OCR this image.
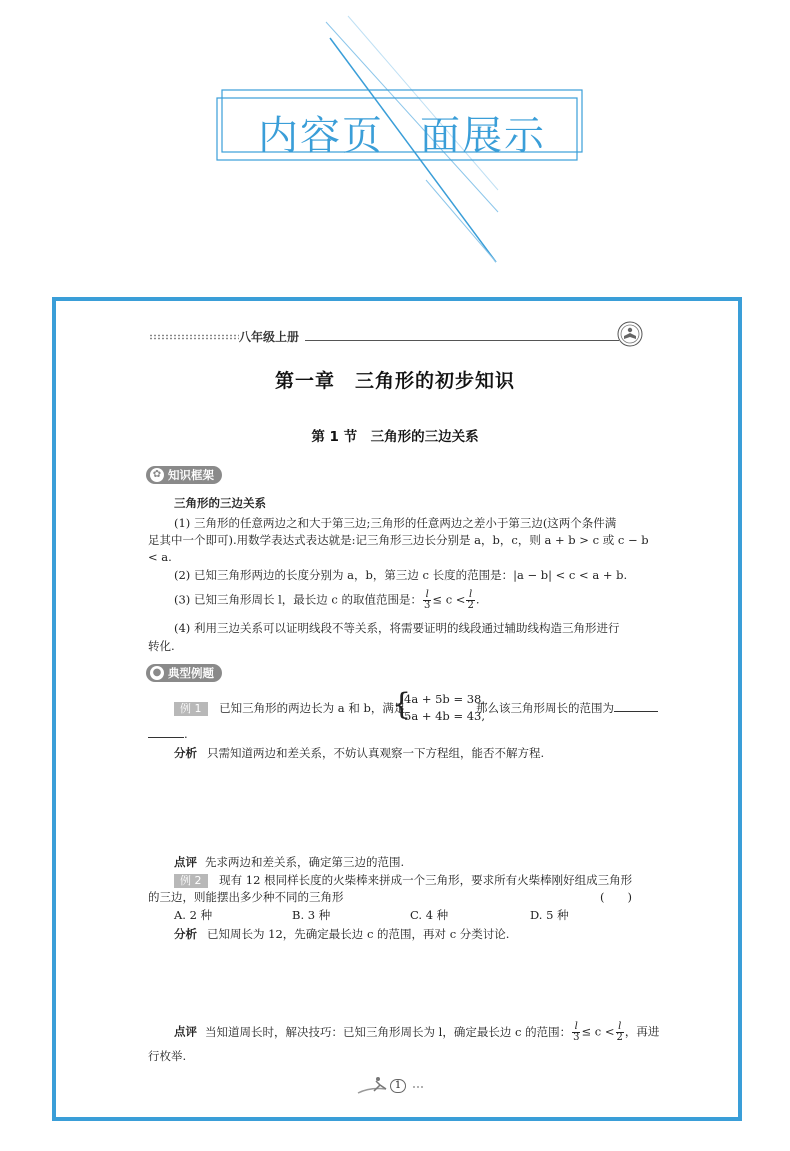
内容页 面展示
八年级上册
第一章　三角形的初步知识
第 1 节　三角形的三边关系
✿ 知识框架
三角形的三边关系
(1) 三角形的任意两边之和大于第三边;三角形的任意两边之差小于第三边(这两个条件满
足其中一个即可).用数学表达式表达就是:记三角形三边长分别是 a，b，c，则 a + b > c 或 c − b
< a.
(2) 已知三角形两边的长度分别为 a，b，第三边 c 长度的范围是：|a − b| < c < a + b.
(3) 已知三角形周长 l，最长边 c 的取值范围是： $\frac{l}{3} \le c < \frac{l}{2}$ .
(4) 利用三边关系可以证明线段不等关系，将需要证明的线段通过辅助线构造三角形进行
转化.
● 典型例题
例 1 已知三角形的两边长为 a 和 b，满足
{
4a + 5b = 38,
5a + 4b = 43,
那么该三角形周长的范围为
.
分析 只需知道两边和差关系，不妨认真观察一下方程组，能否不解方程.
点评 先求两边和差关系，确定第三边的范围.
例 2 现有 12 根同样长度的火柴棒来拼成一个三角形，要求所有火柴棒刚好组成三角形
的三边，则能摆出多少种不同的三角形	(　　)
A. 2 种	B. 3 种	C. 4 种	D. 5 种
分析 已知周长为 12，先确定最长边 c 的范围，再对 c 分类讨论.
点评 当知道周长时，解决技巧：已知三角形周长为 l，确定最长边 c 的范围： $\frac{l}{3} \le c < \frac{l}{2}$ ，再进
行枚举.
1
